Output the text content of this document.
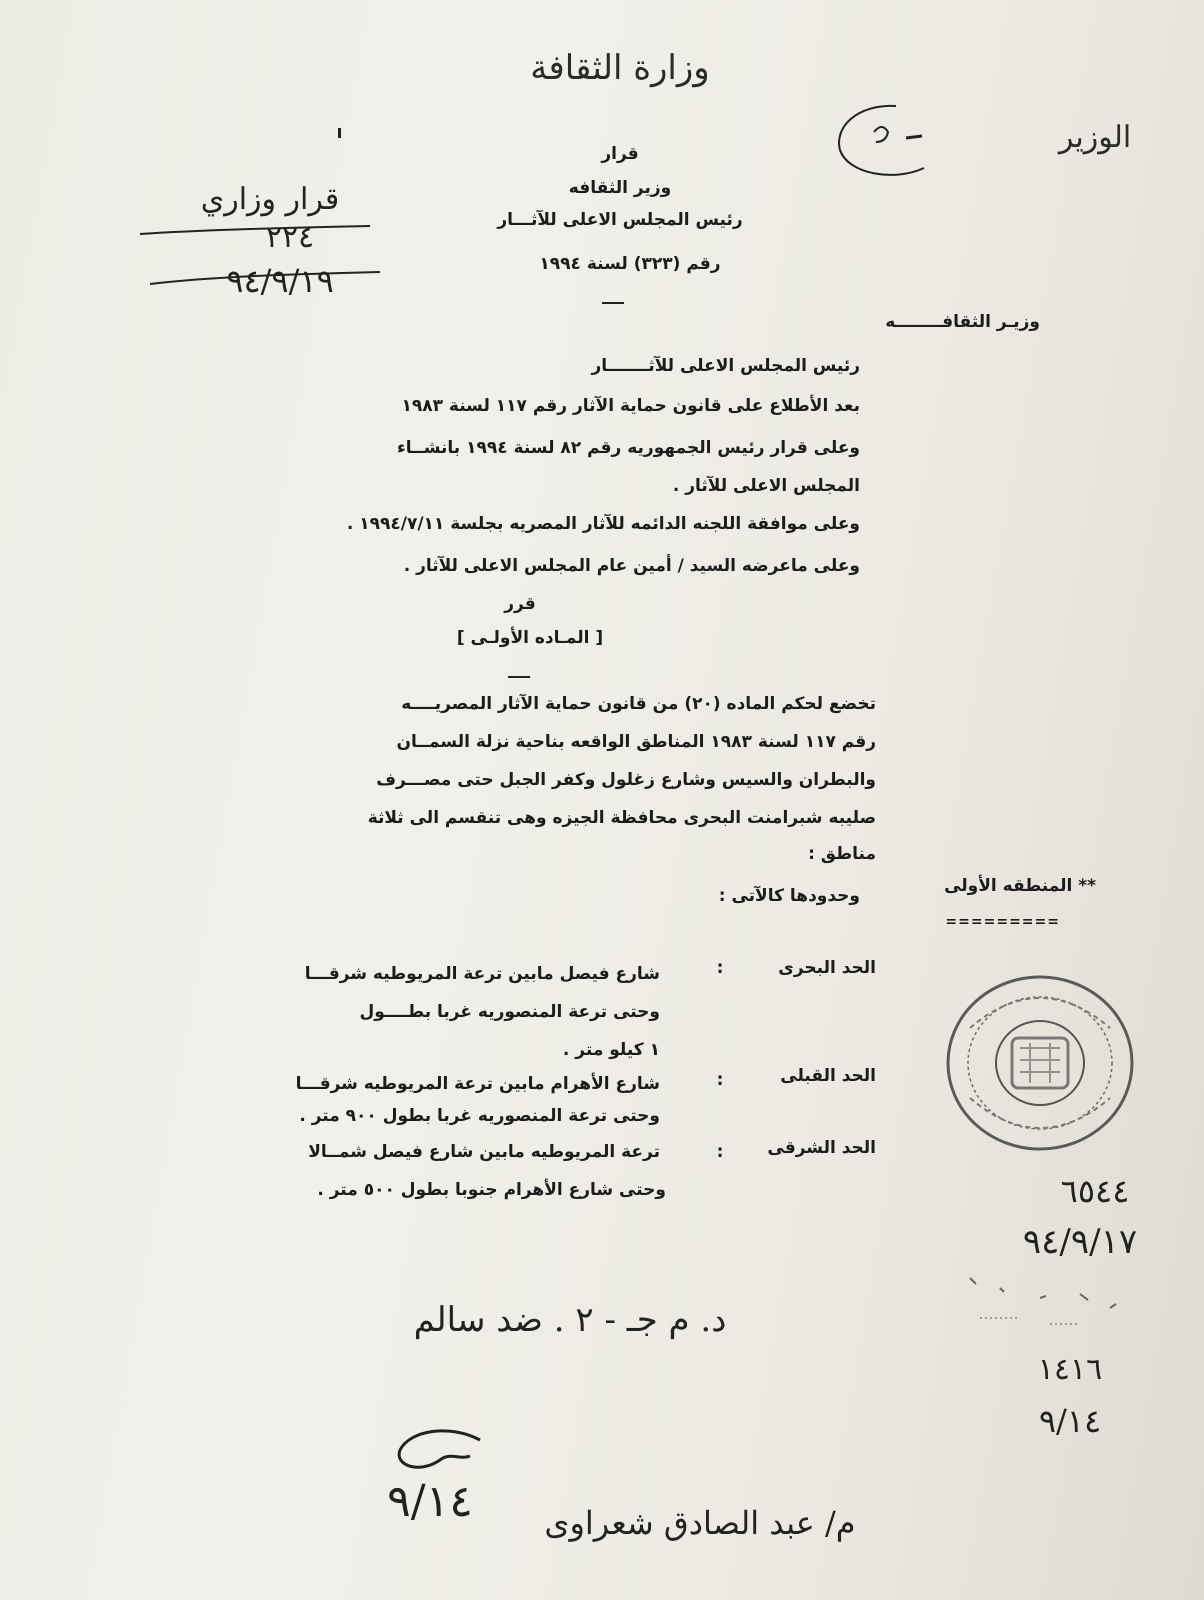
وزارة الثقافة
الوزير
قرار وزاري
٢٢٤
٩٤/٩/١٩
قرار
وزير الثقافه
رئيس المجلس الاعلى للآثـــار
رقم (٣٢٣) لسنة ١٩٩٤
وزيـر الثقافــــــــه
رئيس المجلس الاعلى للآثـــــــار
بعد الأطلاع على قانون حماية الآثار رقم ١١٧ لسنة ١٩٨٣
وعلى قرار رئيس الجمهوريه رقم ٨٢ لسنة ١٩٩٤ بانشــاء
المجلس الاعلى للآثار .
وعلى موافقة اللجنه الدائمه للآثار المصريه بجلسة ١٩٩٤/٧/١١ .
وعلى ماعرضه السيد / أمين عام المجلس الاعلى للآثار .
قرر
[ المـاده الأولـى ]
تخضع لحكم الماده (٢٠) من قانون حماية الآثار المصريــــه
رقم ١١٧ لسنة ١٩٨٣ المناطق الواقعه بناحية نزلة السمــان
والبطران والسيس وشارع زغلول وكفر الجبل حتى مصـــرف
صليبه شبرامنت البحرى محافظة الجيزه وهى تنقسم الى ثلاثة
مناطق :
** المنطقه الأولى
=========
وحدودها كالآتى :
الحد البحرى
:
شارع فيصل مابين ترعة المريوطيه شرقـــا
وحتى ترعة المنصوريه غربا بطــــول
١ كيلو متر .
الحد القبلى
:
شارع الأهرام مابين ترعة المريوطيه شرقـــا
وحتى ترعة المنصوريه غربا بطول ٩٠٠ متر .
الحد الشرقى
:
ترعة المريوطيه مابين شارع فيصل شمــالا
وحتى شارع الأهرام جنوبا بطول ٥٠٠ متر .	٦٥٤٤
٩٤/٩/١٧
١٤١٦
٩/١٤
د. م جـ - ٢ . ضد سالم
٩/١٤	م/ عبد الصادق شعراوى
